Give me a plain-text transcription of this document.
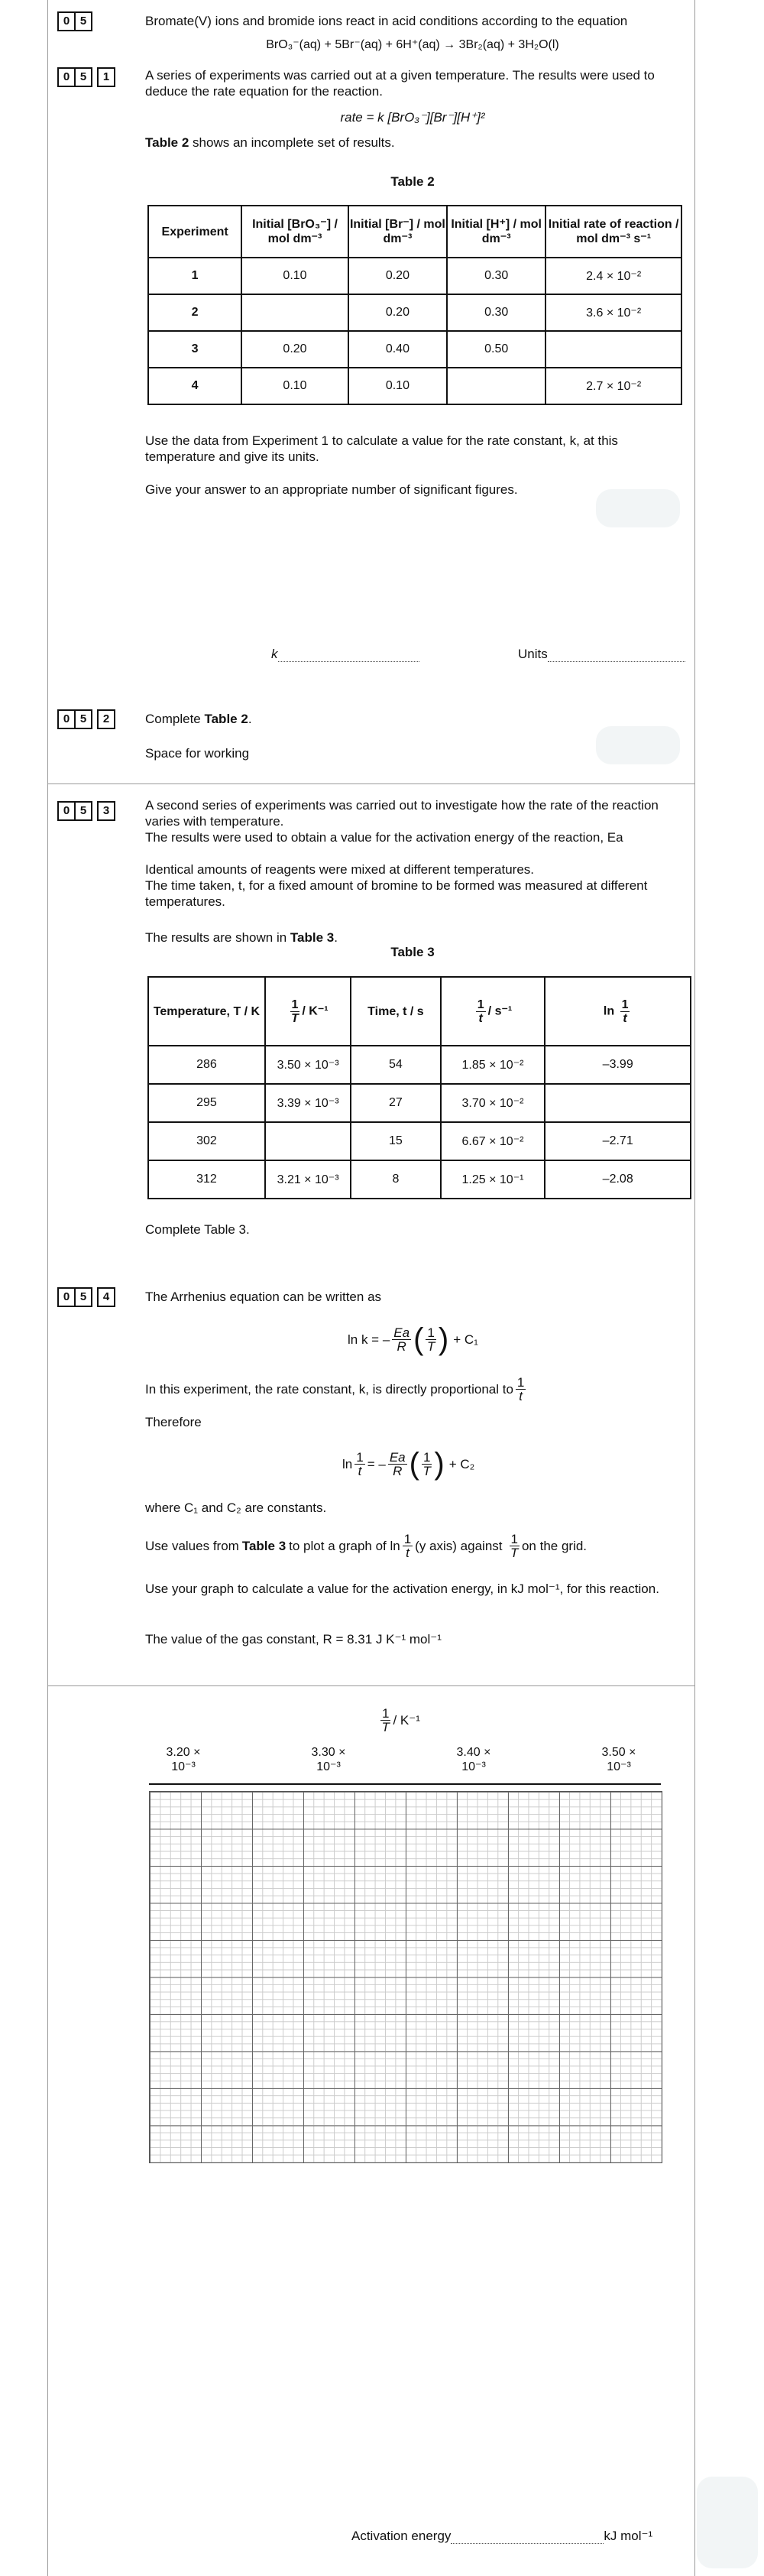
0 5	Bromate(V) ions and bromide ions react in acid conditions according to the equation
BrO₃⁻(aq) + 5Br⁻(aq) + 6H⁺(aq) → 3Br₂(aq) + 3H₂O(l)
0 5	1	A series of experiments was carried out at a given temperature. The results were used to deduce the rate equation for the reaction.
rate = k [BrO₃⁻][Br⁻][H⁺]²
Table 2 shows an incomplete set of results.
Table 2
Experiment	Initial [BrO₃⁻] / mol dm⁻³	Initial [Br⁻] / mol dm⁻³	Initial [H⁺] / mol dm⁻³	Initial rate of reaction / mol dm⁻³ s⁻¹
1	0.10	0.20	0.30	2.4 × 10⁻²
2		0.20	0.30	3.6 × 10⁻²
3	0.20	0.40	0.50	
4	0.10	0.10		2.7 × 10⁻²
Use the data from Experiment 1 to calculate a value for the rate constant, k, at this temperature and give its units.
Give your answer to an appropriate number of significant figures.
k	Units
0 5	2	Complete Table 2.
Space for working
0 5	3	A second series of experiments was carried out to investigate how the rate of the reaction varies with temperature.
The results were used to obtain a value for the activation energy of the reaction, Ea
Identical amounts of reagents were mixed at different temperatures.
The time taken, t, for a fixed amount of bromine to be formed was measured at different temperatures.
The results are shown in Table 3.
Table 3
Temperature, T / K	$\frac{1}{T} / K^{-1}$	Time, t / s	$\frac{1}{t} / s^{-1}$	$\ln \frac{1}{t}$

286	3.50 × 10⁻³	54	1.85 × 10⁻²	–3.99
295	3.39 × 10⁻³	27	3.70 × 10⁻²	
302		15	6.67 × 10⁻²	–2.71
312	3.21 × 10⁻³	8	1.25 × 10⁻¹	–2.08
Complete Table 3.
0 5	4	The Arrhenius equation can be written as
ln k = – $\frac{Ea}{R}$ ( $\frac{1}{T}$ ) + C₁
In this experiment, the rate constant, k, is directly proportional to $\frac{1}{t}$
Therefore
$\ln \frac{1}{t}$ = – $\frac{Ea}{R}$ ( $\frac{1}{T}$ ) + C₂
where C₁ and C₂ are constants.
Use values from Table 3 to plot a graph of $\ln \frac{1}{t} (y$ axis) against $\frac{1}{T}$ on the grid.
Use your graph to calculate a value for the activation energy, in kJ mol⁻¹, for this reaction.
The value of the gas constant, R = 8.31 J K⁻¹ mol⁻¹
$\frac{1}{T} / K^{-1}$
3.20 ×
10⁻³
3.30 ×
10⁻³
3.40 ×
10⁻³
3.50 ×
10⁻³
Activation energy	kJ mol⁻¹
